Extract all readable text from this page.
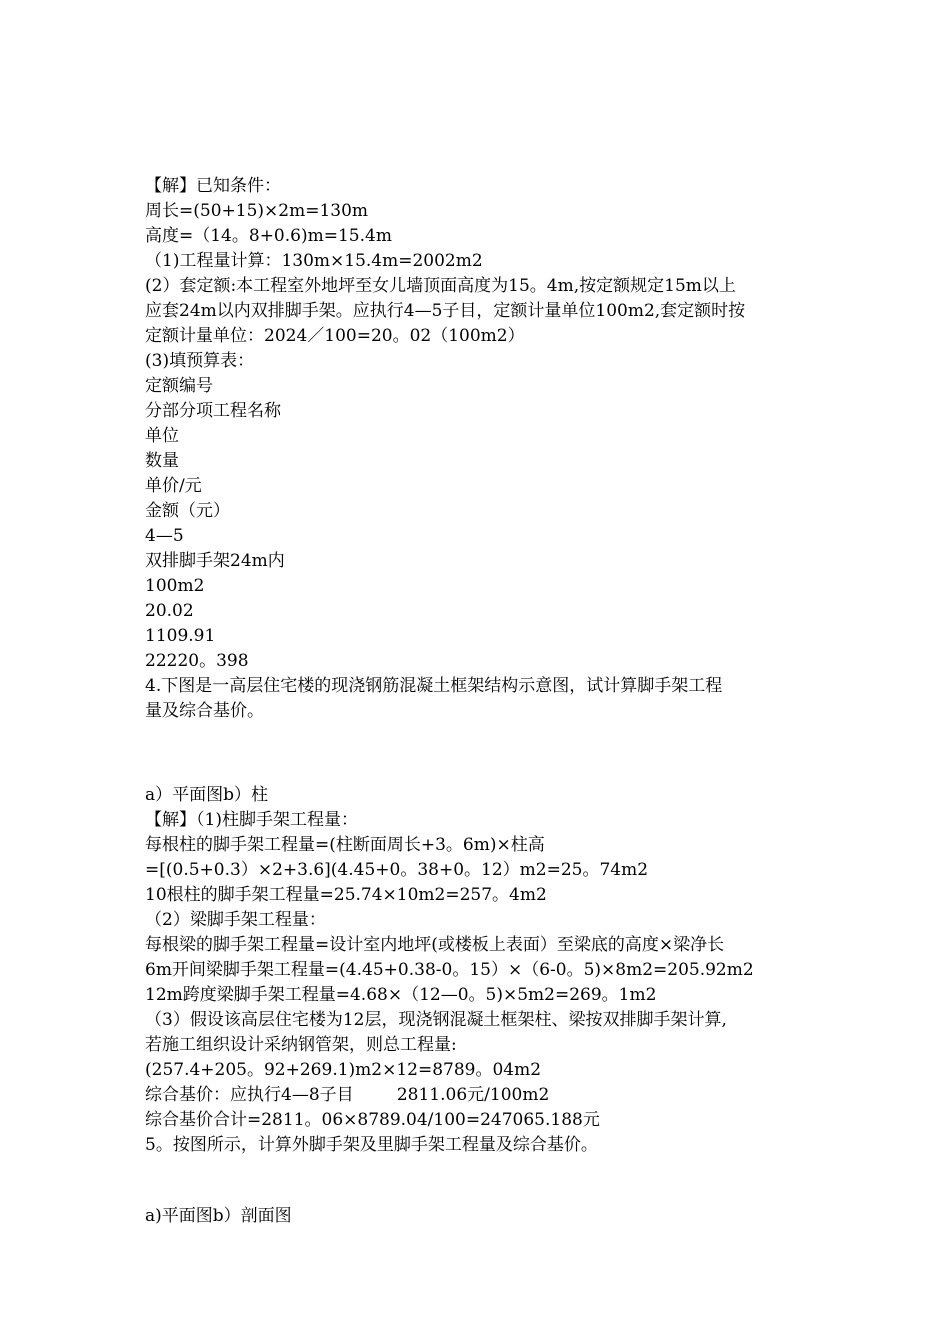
【解】已知条件：
周长=(50+15)×2m=130m
高度=（14。8+0.6)m=15.4m
（1)工程量计算：130m×15.4m=2002m2
(2）套定额:本工程室外地坪至女儿墙顶面高度为15。4m,按定额规定15m以上
应套24m以内双排脚手架。应执行4—5子目，定额计量单位100m2,套定额时按
定额计量单位：2024／100=20。02（100m2）
(3)填预算表：
定额编号
分部分项工程名称
单位
数量
单价/元
金额（元）
4—5
双排脚手架24m内
100m2
20.02
1109.91
22220。398
4.下图是一高层住宅楼的现浇钢筋混凝土框架结构示意图，试计算脚手架工程
量及综合基价。
a）平面图b）柱
【解】（1)柱脚手架工程量：
每根柱的脚手架工程量=(柱断面周长+3。6m)×柱高
=[(0.5+0.3）×2+3.6](4.45+0。38+0。12）m2=25。74m2
10根柱的脚手架工程量=25.74×10m2=257。4m2
（2）梁脚手架工程量：
每根梁的脚手架工程量=设计室内地坪(或楼板上表面）至梁底的高度×梁净长
6m开间梁脚手架工程量=(4.45+0.38-0。15）×（6-0。5)×8m2=205.92m2
12m跨度梁脚手架工程量=4.68×（12—0。5)×5m2=269。1m2
（3）假设该高层住宅楼为12层，现浇钢混凝土框架柱、梁按双排脚手架计算,
若施工组织设计采纳钢管架，则总工程量:
(257.4+205。92+269.1)m2×12=8789。04m2
综合基价：应执行4—8子目        2811.06元/100m2
综合基价合计=2811。06×8789.04/100=247065.188元
5。按图所示，计算外脚手架及里脚手架工程量及综合基价。
a)平面图b）剖面图
